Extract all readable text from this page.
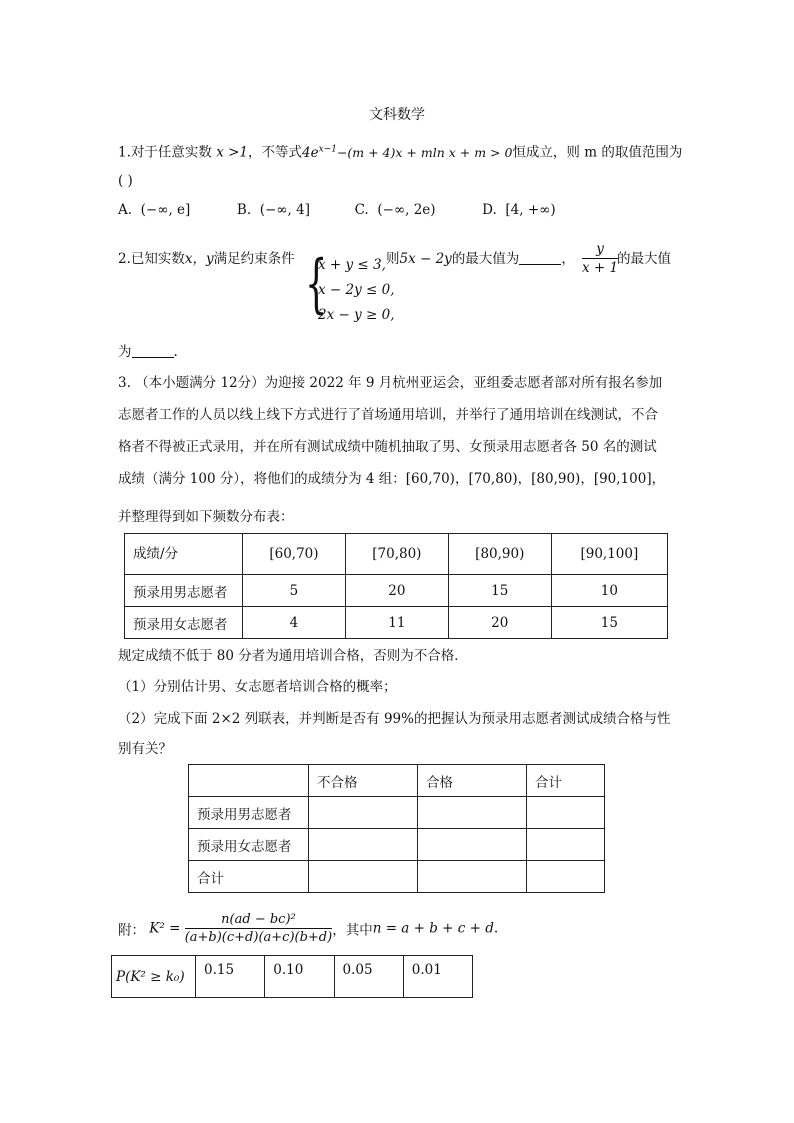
文科数学
1.对于任意实数 x >1，不等式$4e^{x-1}-(m + 4)x + mln$ x + m > 0恒成立，则 m 的取值范围为
( )
A. (−∞, e]	B. (−∞, 4]	C. (−∞, 2e)	D. [4, +∞)
2.已知实数x，y满足约束条件 {
x + y ≤ 3,
x − 2y ≤ 0,
2x − y ≥ 0,
则5x − 2y的最大值为	， $\frac{y}{x + 1}$
的最大值
为	.
3. （本小题满分 12分）为迎接 2022 年 9 月杭州亚运会，亚组委志愿者部对所有报名参加
志愿者工作的人员以线上线下方式进行了首场通用培训，并举行了通用培训在线测试，不合
格者不得被正式录用，并在所有测试成绩中随机抽取了男、女预录用志愿者各 50 名的测试
成绩（满分 100 分），将他们的成绩分为 4 组：[60,70)，[70,80)，[80,90)，[90,100]，
并整理得到如下频数分布表：
成绩/分	[60,70)	[70,80)	[80,90)	[90,100]
预录用男志愿者	5	20	15	10
预录用女志愿者	4	11	20	15
规定成绩不低于 80 分者为通用培训合格，否则为不合格．
（1）分别估计男、女志愿者培训合格的概率；
（2）完成下面 2×2 列联表，并判断是否有 99%的把握认为预录用志愿者测试成绩合格与性
别有关？
	不合格	合格	合计
预录用男志愿者			
预录用女志愿者			
合计			
附： $K^2 = \frac{\text{n(ad − bc)²}}{(a+b)(c+d)(a+c)(b+d)}$ ，其中n = a + b + c + d.
P(K² ≥ k₀)	0.15	0.10	0.05	0.01
